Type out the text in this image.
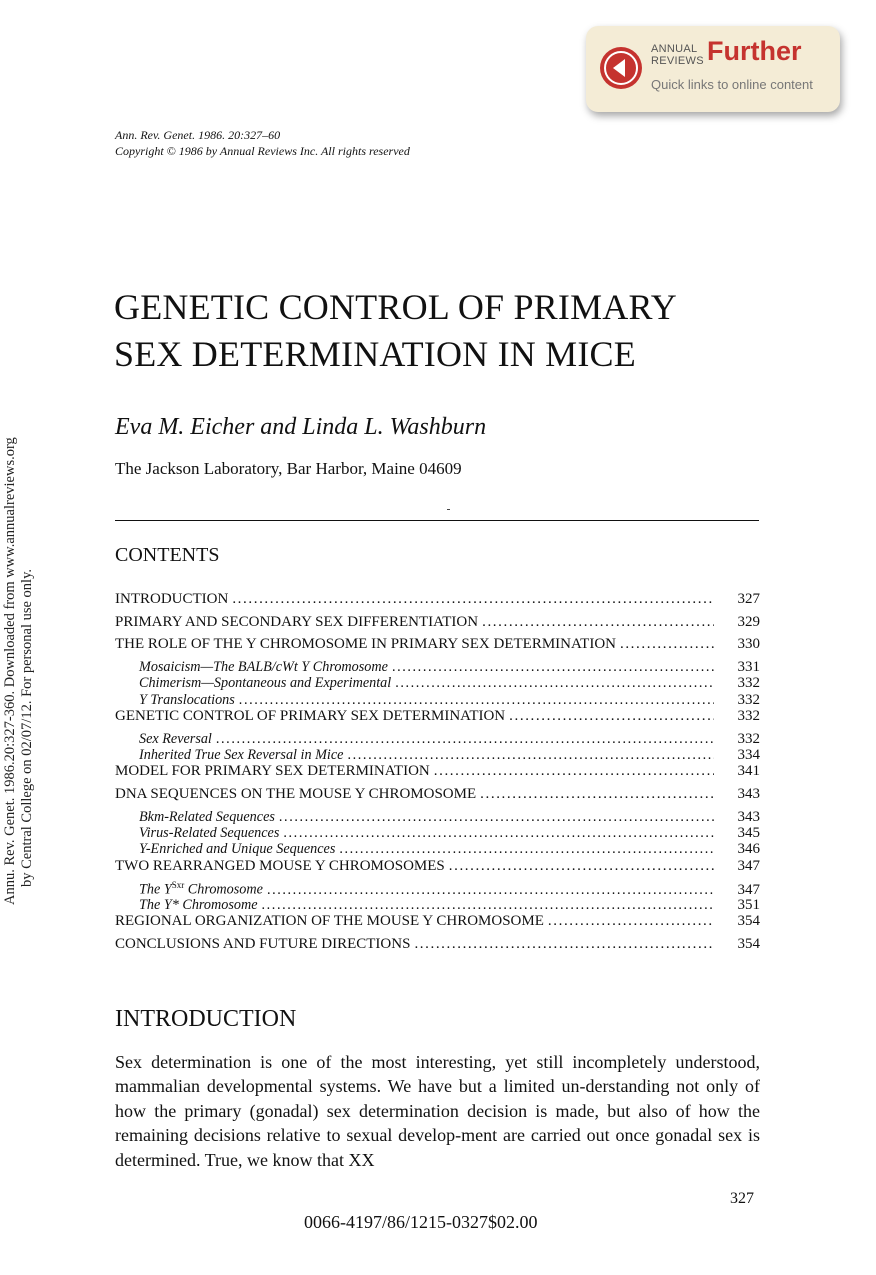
ANNUAL
REVIEWS Further
Quick links to online content
Annu. Rev. Genet. 1986.20:327-360. Downloaded from www.annualreviews.org by Central College on 02/07/12. For personal use only.
Ann. Rev. Genet. 1986. 20:327–60
Copyright © 1986 by Annual Reviews Inc. All rights reserved
GENETIC CONTROL OF PRIMARY
SEX DETERMINATION IN MICE
Eva M. Eicher and Linda L. Washburn
The Jackson Laboratory, Bar Harbor, Maine 04609
CONTENTS
INTRODUCTION .....	327
PRIMARY AND SECONDARY SEX DIFFERENTIATION .....	329
THE ROLE OF THE Y CHROMOSOME IN PRIMARY SEX DETERMINATION .....	330
Mosaicism—The BALB/cWt Y Chromosome .....	331
Chimerism—Spontaneous and Experimental .....	332
Y Translocations .....	332
GENETIC CONTROL OF PRIMARY SEX DETERMINATION .....	332
Sex Reversal .....	332
Inherited True Sex Reversal in Mice .....	334
MODEL FOR PRIMARY SEX DETERMINATION .....	341
DNA SEQUENCES ON THE MOUSE Y CHROMOSOME .....	343
Bkm-Related Sequences .....	343
Virus-Related Sequences .....	345
Y-Enriched and Unique Sequences .....	346
TWO REARRANGED MOUSE Y CHROMOSOMES .....	347
The $Y^{Sxr}$ Chromosome .....	347
The Y* Chromosome .....	351
REGIONAL ORGANIZATION OF THE MOUSE Y CHROMOSOME .....	354
CONCLUSIONS AND FUTURE DIRECTIONS .....	354
INTRODUCTION
Sex determination is one of the most interesting, yet still incompletely understood, mammalian developmental systems. We have but a limited un-derstanding not only of how the primary (gonadal) sex determination decision is made, but also of how the remaining decisions relative to sexual develop-ment are carried out once gonadal sex is determined. True, we know that XX
327
0066-4197/86/1215-0327$02.00
